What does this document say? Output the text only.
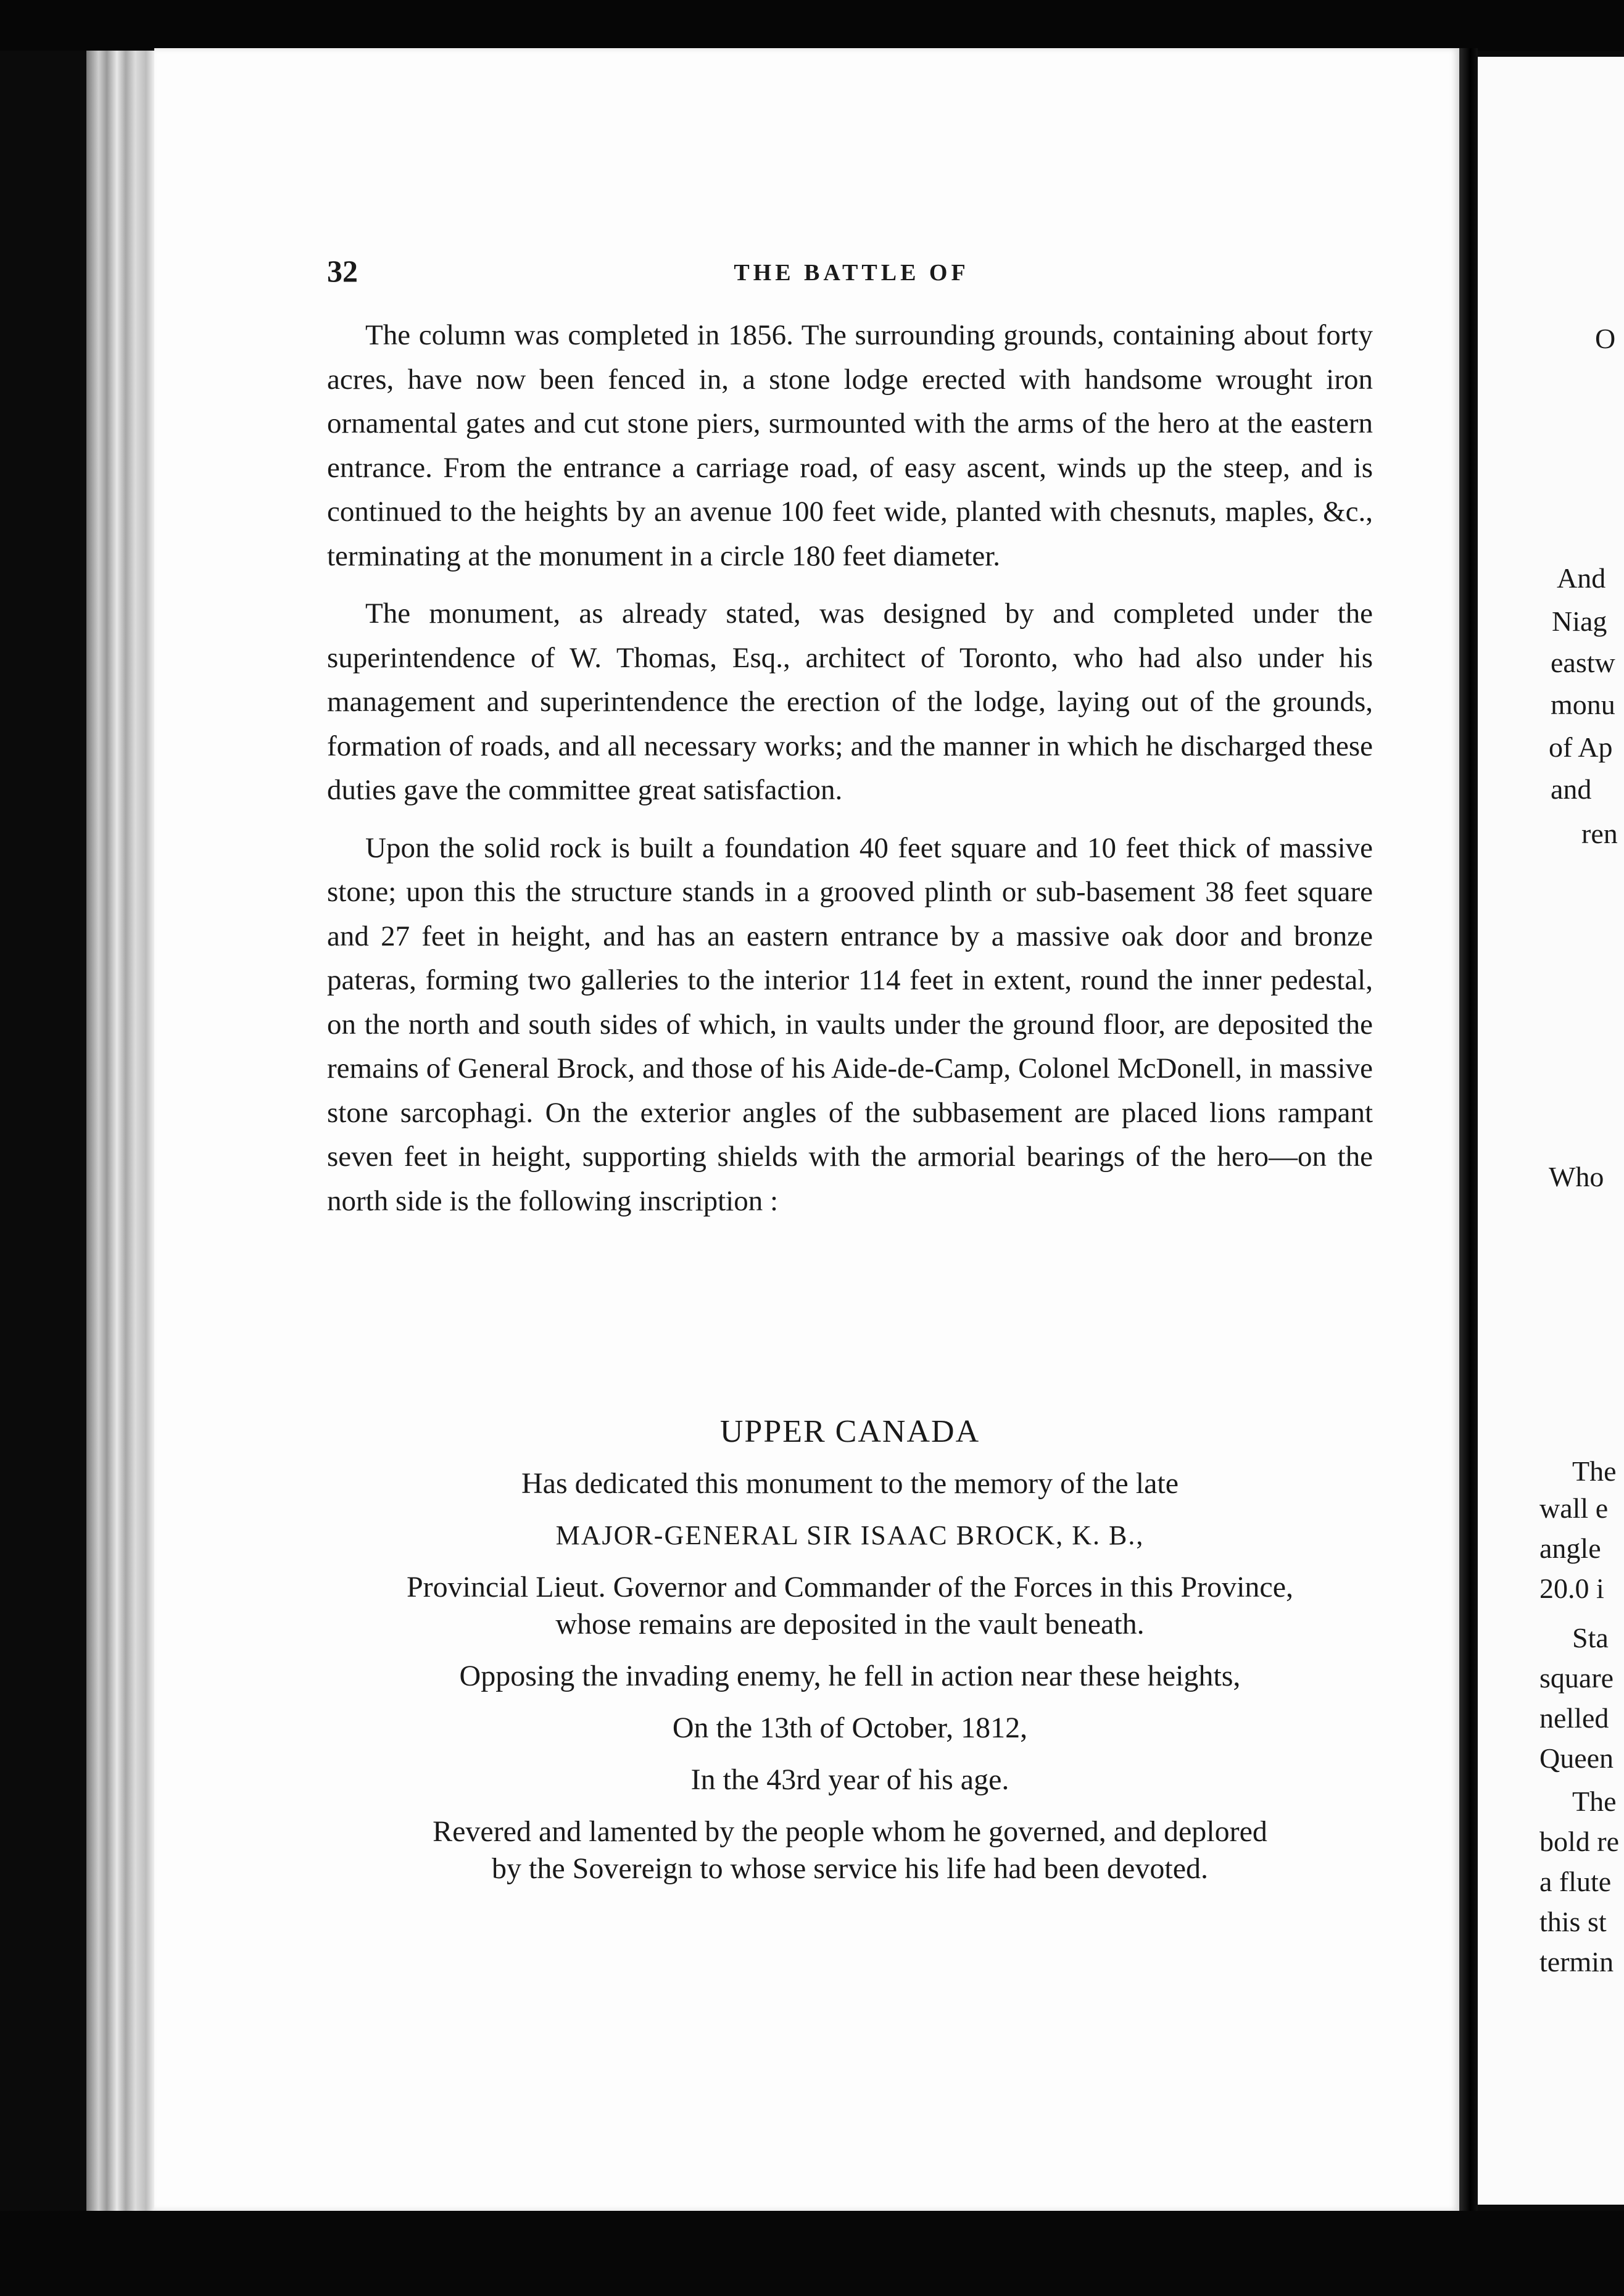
32	THE BATTLE OF

The column was completed in 1856. The surrounding grounds, containing about forty acres, have now been fenced in, a stone lodge erected with handsome wrought iron ornamental gates and cut stone piers, surmounted with the arms of the hero at the eastern entrance. From the entrance a carriage road, of easy ascent, winds up the steep, and is continued to the heights by an avenue 100 feet wide, planted with chesnuts, maples, &c., terminating at the monument in a circle 180 feet diameter.

The monument, as already stated, was designed by and completed under the superintendence of W. Thomas, Esq., architect of Toronto, who had also under his management and superintendence the erection of the lodge, laying out of the grounds, formation of roads, and all necessary works; and the manner in which he discharged these duties gave the committee great satisfaction.

Upon the solid rock is built a foundation 40 feet square and 10 feet thick of massive stone; upon this the structure stands in a grooved plinth or sub-basement 38 feet square and 27 feet in height, and has an eastern entrance by a massive oak door and bronze pateras, forming two galleries to the interior 114 feet in extent, round the inner pedestal, on the north and south sides of which, in vaults under the ground floor, are deposited the remains of General Brock, and those of his Aide-de-Camp, Colonel McDonell, in massive stone sarcophagi. On the exterior angles of the subbasement are placed lions rampant seven feet in height, supporting shields with the armorial bearings of the hero—on the north side is the following inscription :

UPPER CANADA
Has dedicated this monument to the memory of the late
MAJOR-GENERAL SIR ISAAC BROCK, K. B.,
Provincial Lieut. Governor and Commander of the Forces in this Province,
whose remains are deposited in the vault beneath.
Opposing the invading enemy, he fell in action near these heights,
On the 13th of October, 1812,
In the 43rd year of his age.
Revered and lamented by the people whom he governed, and deplored
by the Sovereign to whose service his life had been devoted.
O
And
Niag
eastw
monu
of Ap
and
ren
Who
The
wall e
angle
20.0 i
Sta
square
nelled
Queen
The
bold re
a flute
this st
termin
